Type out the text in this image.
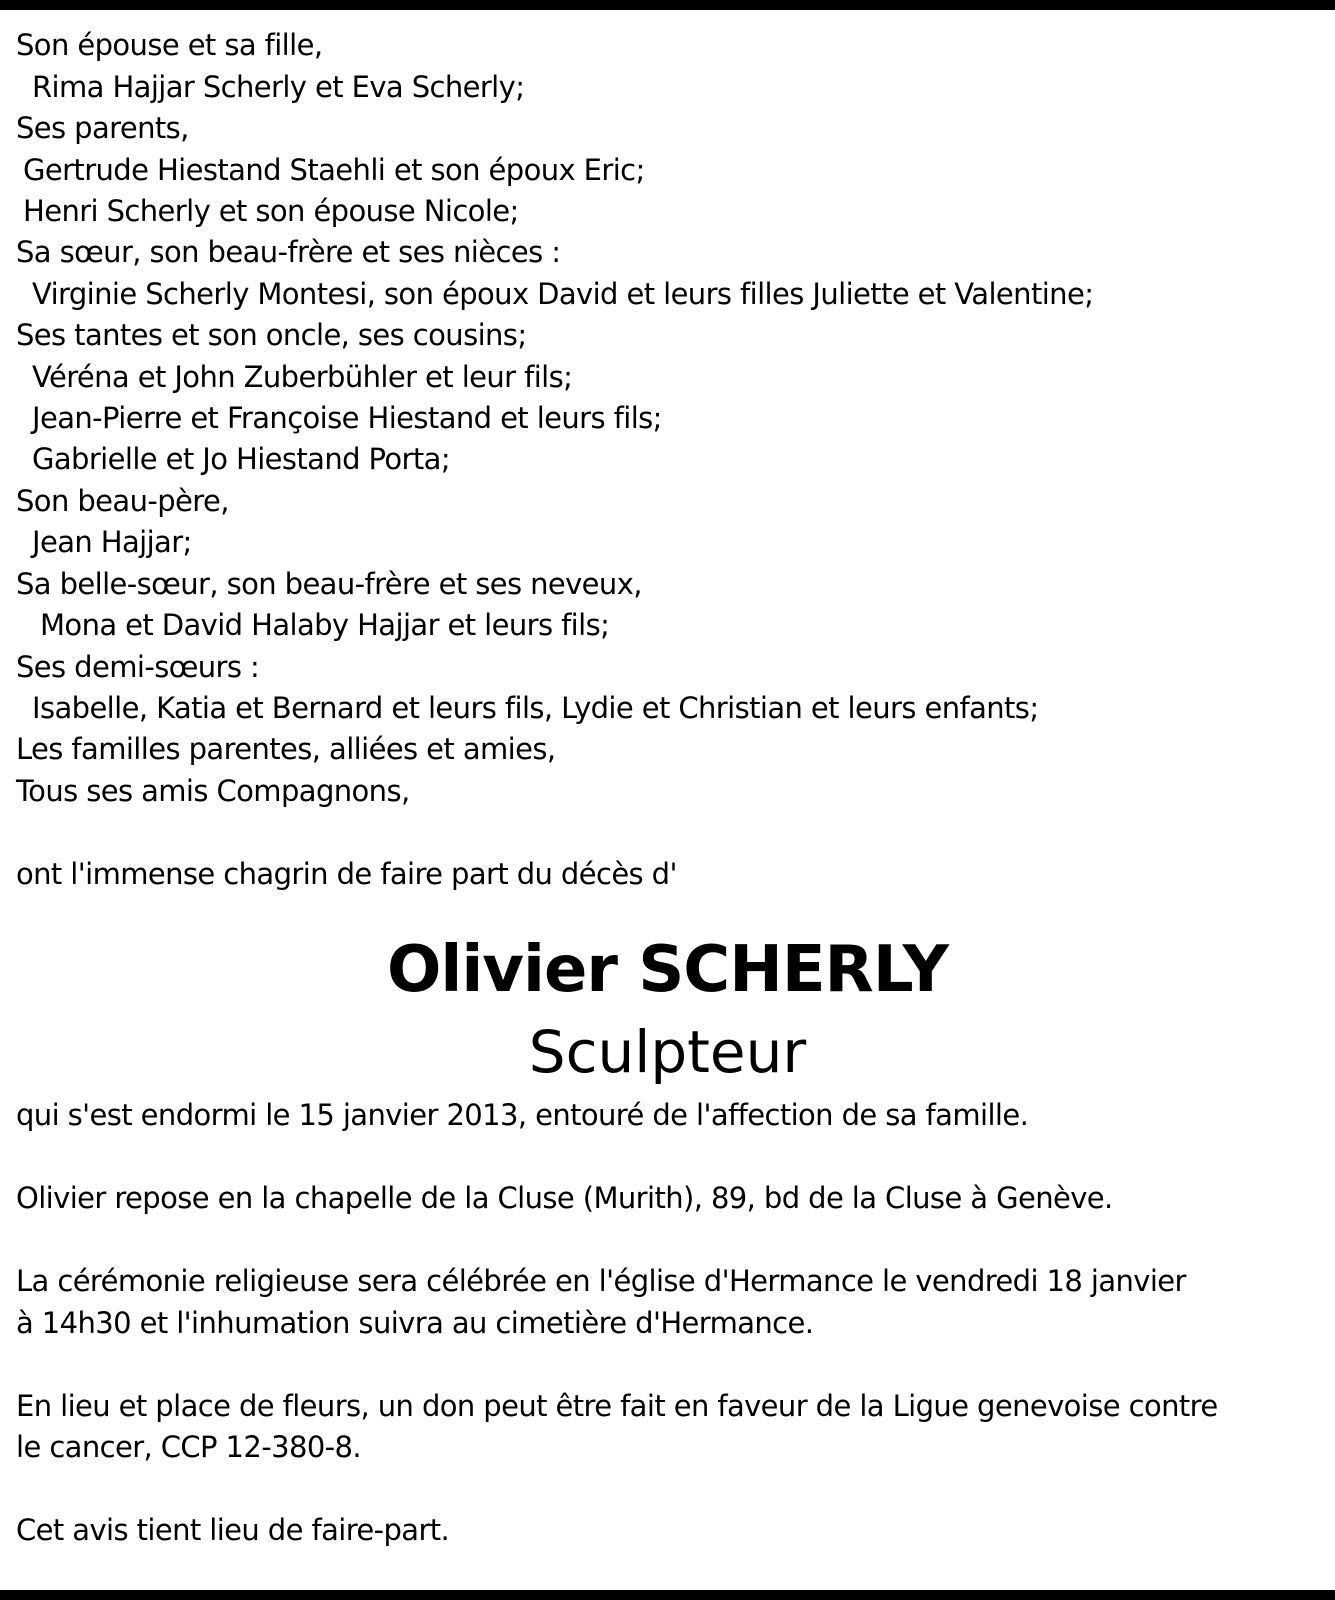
Son épouse et sa fille,
Rima Hajjar Scherly et Eva Scherly;
Ses parents,
Gertrude Hiestand Staehli et son époux Eric;
Henri Scherly et son épouse Nicole;
Sa sœur, son beau-frère et ses nièces :
Virginie Scherly Montesi, son époux David et leurs filles Juliette et Valentine;
Ses tantes et son oncle, ses cousins;
Véréna et John Zuberbühler et leur fils;
Jean-Pierre et Françoise Hiestand et leurs fils;
Gabrielle et Jo Hiestand Porta;
Son beau-père,
Jean Hajjar;
Sa belle-sœur, son beau-frère et ses neveux,
Mona et David Halaby Hajjar et leurs fils;
Ses demi-sœurs :
Isabelle, Katia et Bernard et leurs fils, Lydie et Christian et leurs enfants;
Les familles parentes, alliées et amies,
Tous ses amis Compagnons,
ont l'immense chagrin de faire part du décès d'
Olivier SCHERLY
Sculpteur
qui s'est endormi le 15 janvier 2013, entouré de l'affection de sa famille.
Olivier repose en la chapelle de la Cluse (Murith), 89, bd de la Cluse à Genève.
La cérémonie religieuse sera célébrée en l'église d'Hermance le vendredi 18 janvier
à 14h30 et l'inhumation suivra au cimetière d'Hermance.
En lieu et place de fleurs, un don peut être fait en faveur de la Ligue genevoise contre
le cancer, CCP 12-380-8.
Cet avis tient lieu de faire-part.
